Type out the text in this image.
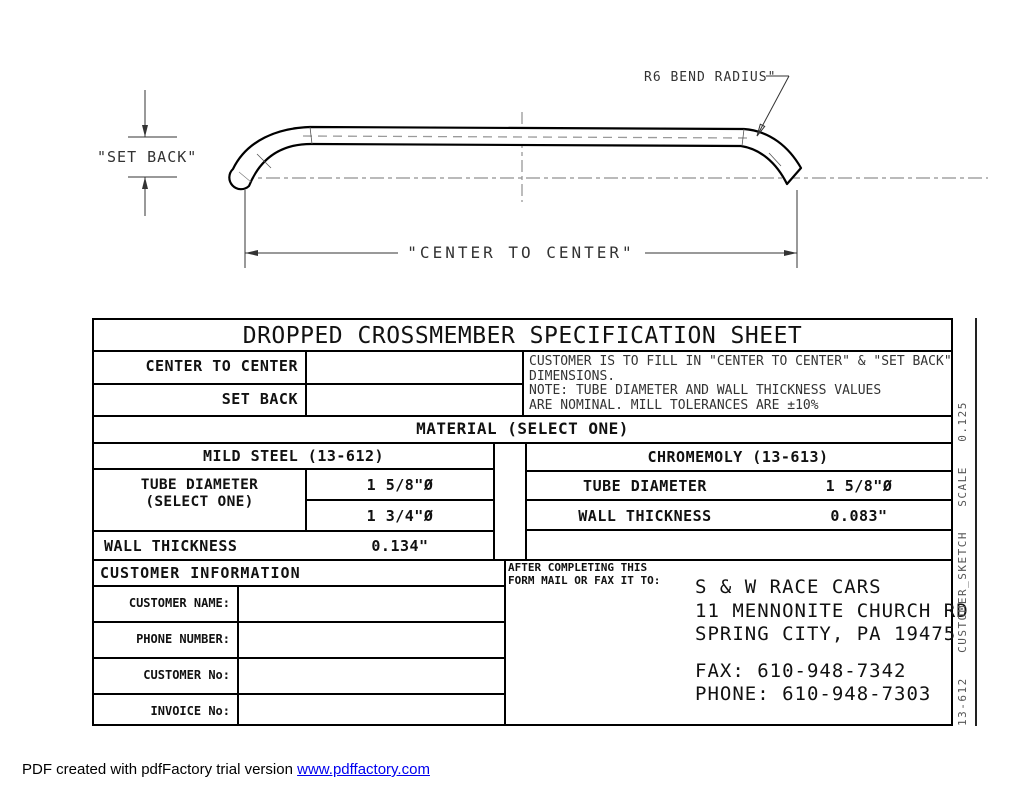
"SET BACK"
"CENTER TO CENTER"
R6 BEND RADIUS"
DROPPED CROSSMEMBER SPECIFICATION SHEET
CENTER TO CENTER
SET BACK
CUSTOMER IS TO FILL IN "CENTER TO CENTER" & "SET BACK"
DIMENSIONS.
NOTE: TUBE DIAMETER AND WALL THICKNESS VALUES
ARE NOMINAL. MILL TOLERANCES ARE ±10%
MATERIAL (SELECT ONE)
MILD STEEL (13-612)
TUBE DIAMETER
(SELECT ONE)
1 5/8"Ø
1 3/4"Ø
WALL THICKNESS	0.134"
CHROMEMOLY (13-613)
TUBE DIAMETER	1 5/8"Ø
WALL THICKNESS	0.083"
CUSTOMER INFORMATION
CUSTOMER NAME:
PHONE NUMBER:
CUSTOMER No:
INVOICE No:
AFTER COMPLETING THIS
FORM MAIL OR FAX IT TO: S & W RACE CARS
11 MENNONITE CHURCH RD
SPRING CITY, PA 19475
FAX: 610-948-7342
PHONE: 610-948-7303	13-612   CUSTOMER_SKETCH   SCALE   0.125
PDF created with pdfFactory trial version www.pdffactory.com
